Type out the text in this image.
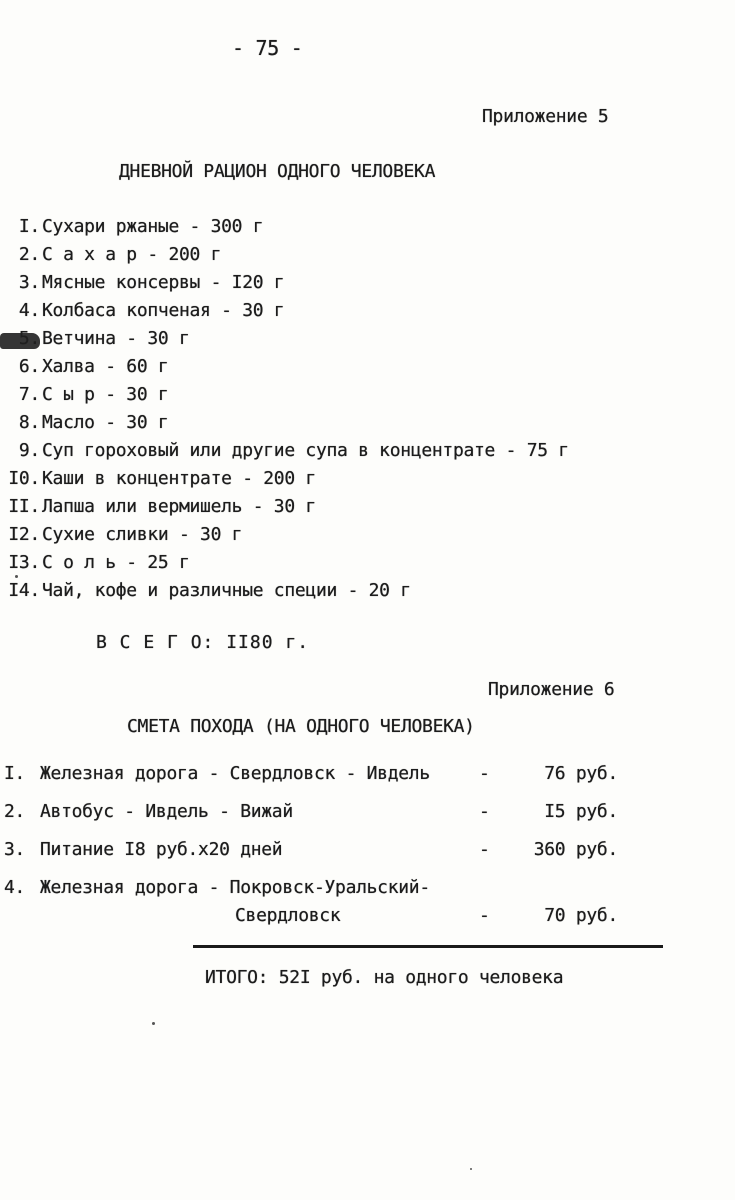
- 75 -
Приложение 5
ДНЕВНОЙ РАЦИОН ОДНОГО ЧЕЛОВЕКА
I. Сухари ржаные - 300 г
2. С а х а р - 200 г
3. Мясные консервы - I20 г
4. Колбаса копченая - 30 г
Ветчина - 30 г
6. Халва - 60 г
7. С ы р - 30 г
8. Масло - 30 г
9. Суп гороховый или другие супа в концентрате - 75 г
I0. Каши в концентрате - 200 г
II. Лапша или вермишель - 30 г
I2. Сухие сливки - 30 г
I3. С о л ь - 25 г
I4. Чай, кофе и различные специи - 20 г
В С Е Г О: II80 г.
Приложение 6
СМЕТА ПОХОДА (НА ОДНОГО ЧЕЛОВЕКА)
I. Железная дорога - Свердловск - Ивдель	-	76 руб.
2. Автобус - Ивдель - Вижай	-	I5 руб.
3. Питание I8 руб.х20 дней	- 360 руб.
4. Железная дорога - Покровск-Уральский-
Свердловск	-	70 руб.
ИТОГО: 52I руб. на одного человека
